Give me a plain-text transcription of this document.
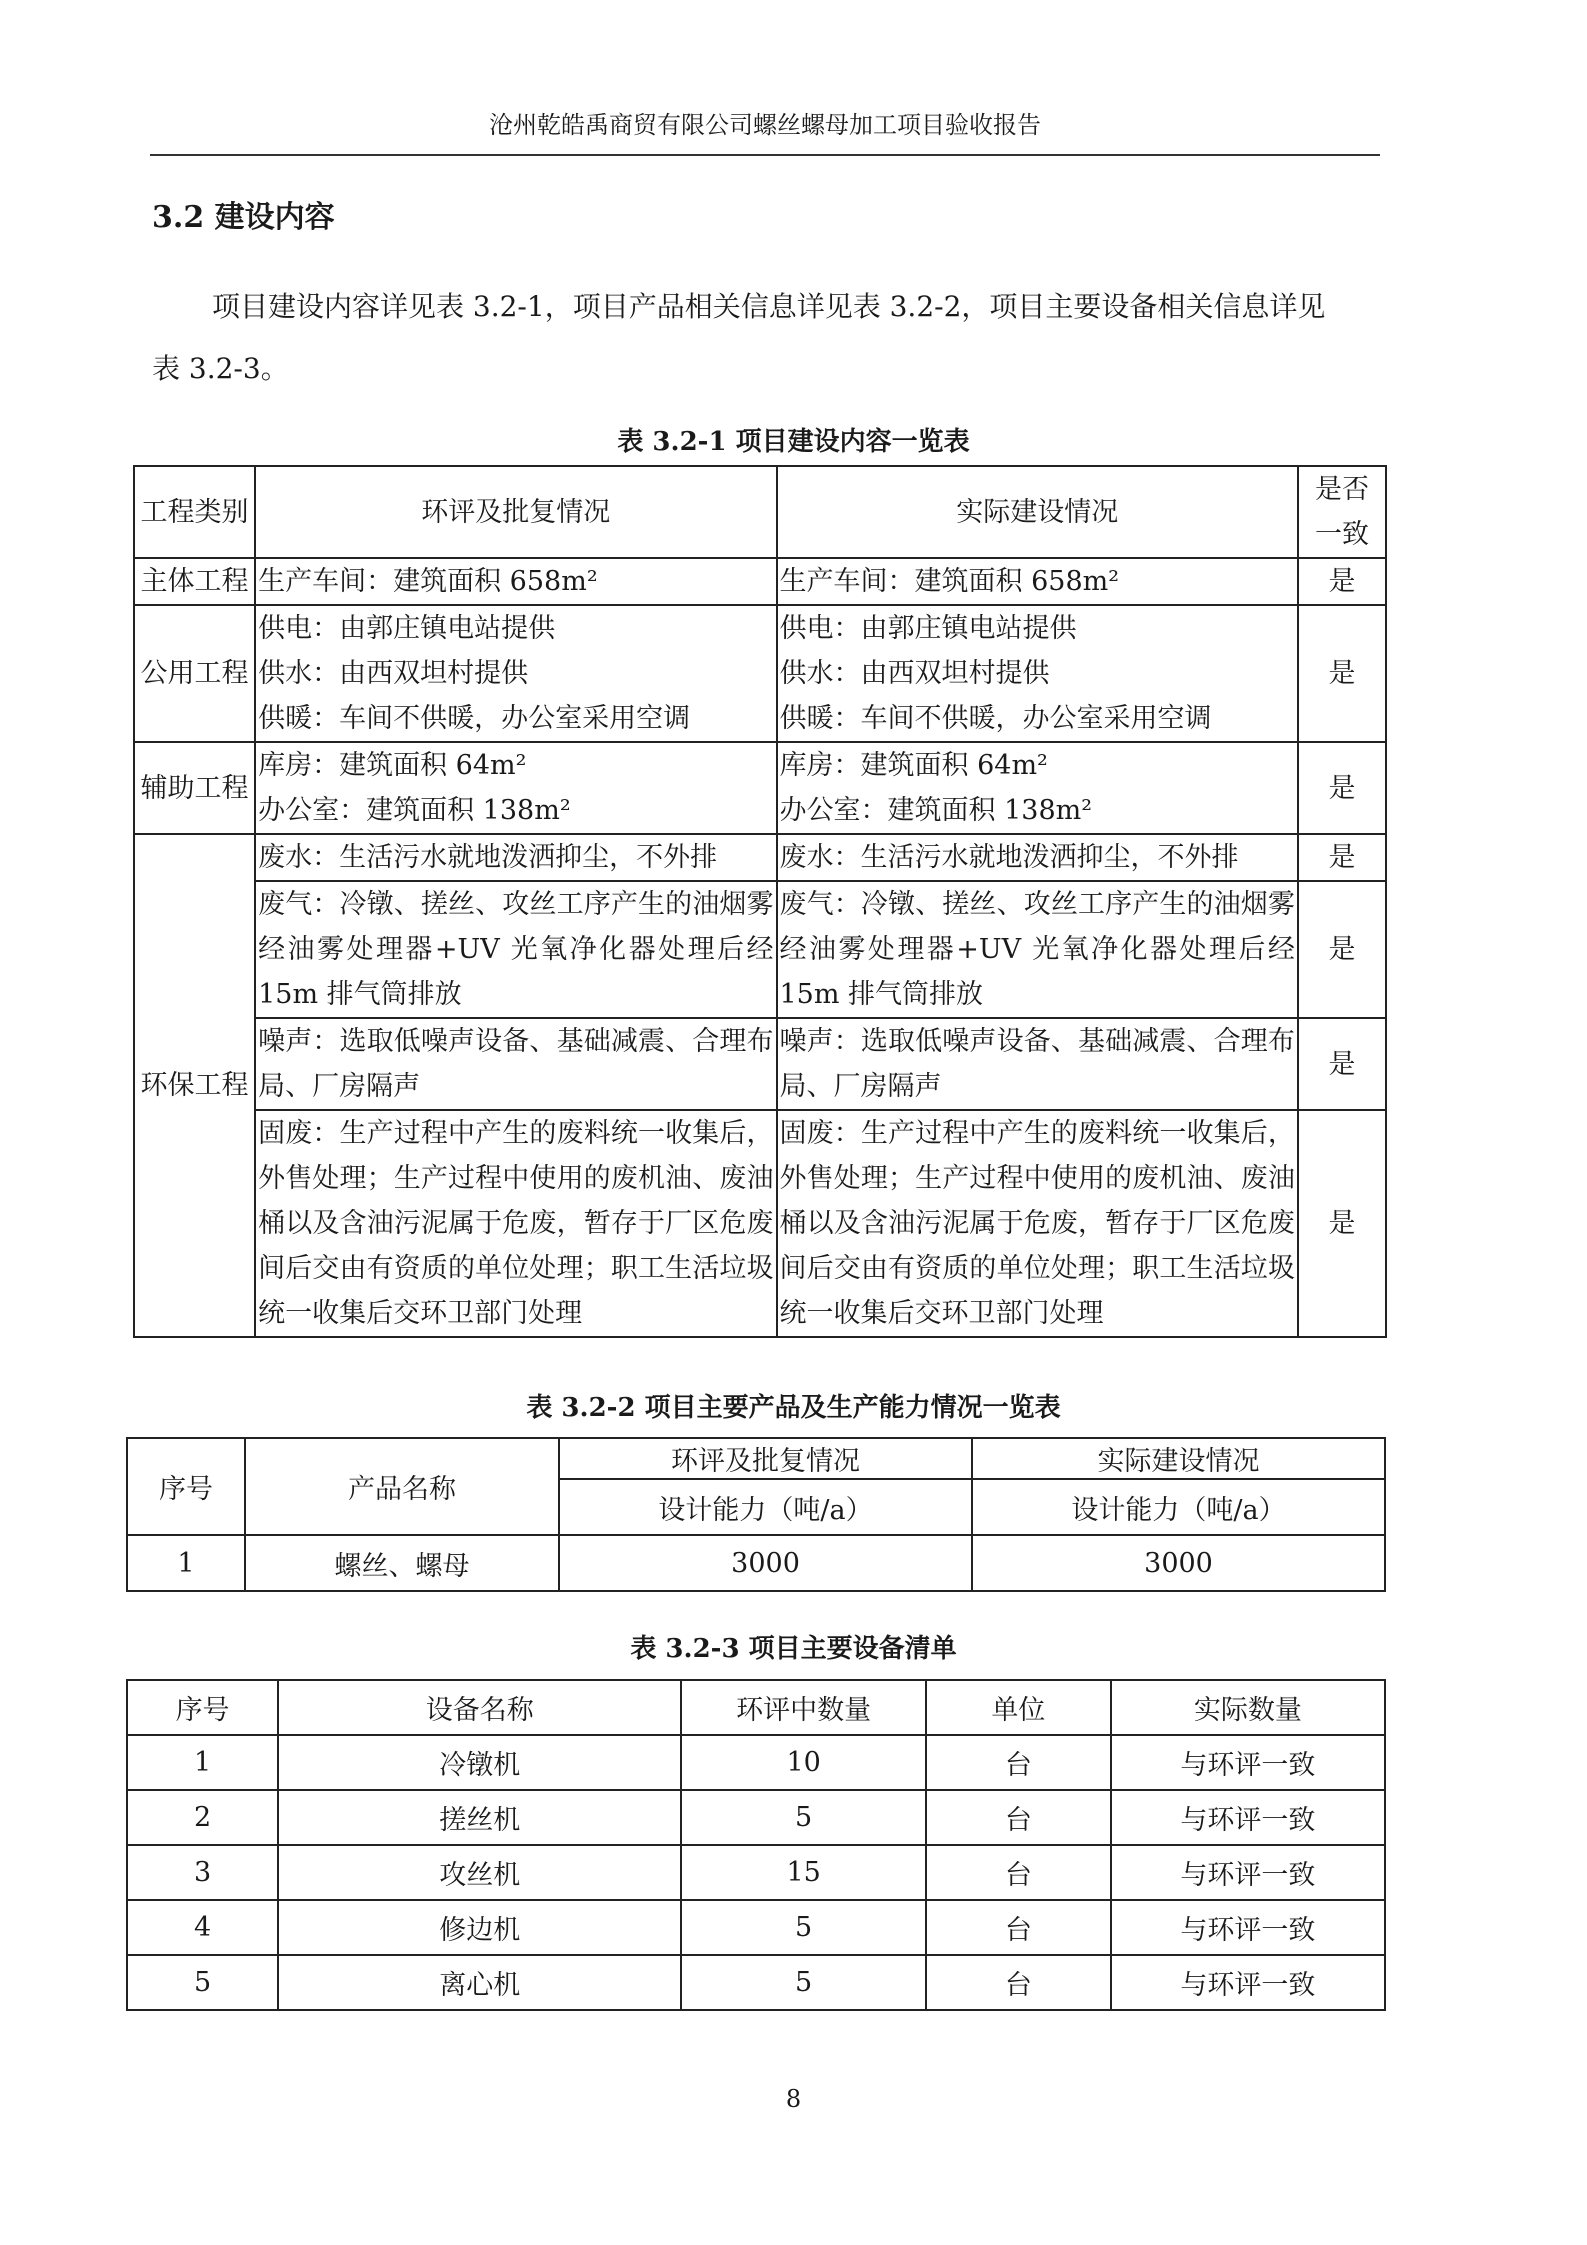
沧州乾皓禹商贸有限公司螺丝螺母加工项目验收报告
3.2 建设内容
项目建设内容详见表 3.2-1，项目产品相关信息详见表 3.2-2，项目主要设备相关信息详见表 3.2-3。
表 3.2-1 项目建设内容一览表
工程类别	环评及批复情况	实际建设情况	是否
一致

主体工程	生产车间：建筑面积 658m²	生产车间：建筑面积 658m²	是
公用工程	供电：由郭庄镇电站提供
供水：由西双坦村提供
供暖：车间不供暖，办公室采用空调	供电：由郭庄镇电站提供
供水：由西双坦村提供
供暖：车间不供暖，办公室采用空调	是
辅助工程	库房：建筑面积 64m²
办公室：建筑面积 138m²	库房：建筑面积 64m²
办公室：建筑面积 138m²	是
环保工程	废水：生活污水就地泼洒抑尘，不外排	废水：生活污水就地泼洒抑尘，不外排	是
	废气：冷镦、搓丝、攻丝工序产生的油烟雾经油雾处理器+UV 光氧净化器处理后经15m 排气筒排放	废气：冷镦、搓丝、攻丝工序产生的油烟雾经油雾处理器+UV 光氧净化器处理后经15m 排气筒排放	是
	噪声：选取低噪声设备、基础减震、合理布局、厂房隔声	噪声：选取低噪声设备、基础减震、合理布局、厂房隔声	是
	固废：生产过程中产生的废料统一收集后，外售处理；生产过程中使用的废机油、废油桶以及含油污泥属于危废，暂存于厂区危废间后交由有资质的单位处理；职工生活垃圾统一收集后交环卫部门处理	固废：生产过程中产生的废料统一收集后，外售处理；生产过程中使用的废机油、废油桶以及含油污泥属于危废，暂存于厂区危废间后交由有资质的单位处理；职工生活垃圾统一收集后交环卫部门处理	是
表 3.2-2 项目主要产品及生产能力情况一览表
序号	产品名称	环评及批复情况	实际建设情况
		设计能力（吨/a）	设计能力（吨/a）
1	螺丝、螺母	3000	3000
表 3.2-3 项目主要设备清单
序号	设备名称	环评中数量	单位	实际数量
1	冷镦机	10	台	与环评一致
2	搓丝机	5	台	与环评一致
3	攻丝机	15	台	与环评一致
4	修边机	5	台	与环评一致
5	离心机	5	台	与环评一致
8
